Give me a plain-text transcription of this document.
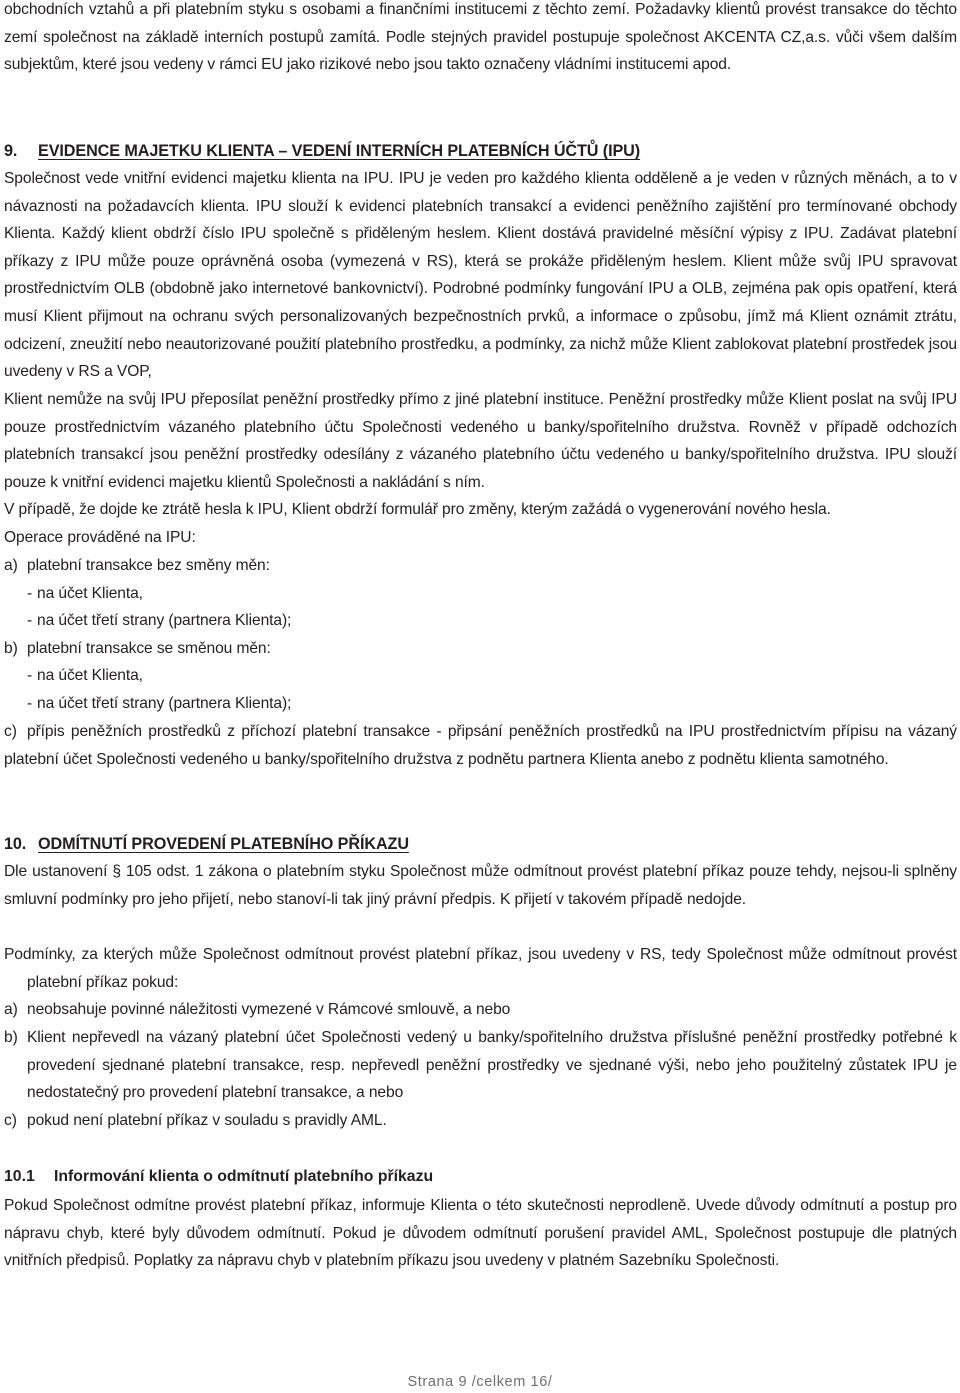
obchodních vztahů a při platebním styku s osobami a finančními institucemi z těchto zemí. Požadavky klientů provést transakce do těchto zemí společnost na základě interních postupů zamítá. Podle stejných pravidel postupuje společnost AKCENTA CZ,a.s. vůči všem dalším subjektům, které jsou vedeny v rámci EU jako rizikové nebo jsou takto označeny vládními institucemi apod.
9. EVIDENCE MAJETKU KLIENTA – VEDENÍ INTERNÍCH PLATEBNÍCH ÚČTŮ (IPU)
Společnost vede vnitřní evidenci majetku klienta na IPU. IPU je veden pro každého klienta odděleně a je veden v různých měnách, a to v návaznosti na požadavcích klienta. IPU slouží k evidenci platebních transakcí a evidenci peněžního zajištění pro termínované obchody Klienta. Každý klient obdrží číslo IPU společně s přiděleným heslem. Klient dostává pravidelné měsíční výpisy z IPU. Zadávat platební příkazy z IPU může pouze oprávněná osoba (vymezená v RS), která se prokáže přiděleným heslem. Klient může svůj IPU spravovat prostřednictvím OLB (obdobně jako internetové bankovnictví). Podrobné podmínky fungování IPU a OLB, zejména pak opis opatření, která musí Klient přijmout na ochranu svých personalizovaných bezpečnostních prvků, a informace o způsobu, jímž má Klient oznámit ztrátu, odcizení, zneužití nebo neautorizované použití platebního prostředku, a podmínky, za nichž může Klient zablokovat platební prostředek jsou uvedeny v RS a VOP,
Klient nemůže na svůj IPU přeposílat peněžní prostředky přímo z jiné platební instituce. Peněžní prostředky může Klient poslat na svůj IPU pouze prostřednictvím vázaného platebního účtu Společnosti vedeného u banky/spořitelního družstva. Rovněž v případě odchozích platebních transakcí jsou peněžní prostředky odesílány z vázaného platebního účtu vedeného u banky/spořitelního družstva. IPU slouží pouze k vnitřní evidenci majetku klientů Společnosti a nakládání s ním.
V případě, že dojde ke ztrátě hesla k IPU, Klient obdrží formulář pro změny, kterým zažádá o vygenerování nového hesla.
Operace prováděné na IPU:
a) platební transakce bez směny měn:
- na účet Klienta,
- na účet třetí strany (partnera Klienta);
b) platební transakce se směnou měn:
- na účet Klienta,
- na účet třetí strany (partnera Klienta);
c) přípis peněžních prostředků z příchozí platební transakce - připsání peněžních prostředků na IPU prostřednictvím přípisu na vázaný platební účet Společnosti vedeného u banky/spořitelního družstva z podnětu partnera Klienta anebo z podnětu klienta samotného.
10. ODMÍTNUTÍ PROVEDENÍ PLATEBNÍHO PŘÍKAZU
Dle ustanovení § 105 odst. 1 zákona o platebním styku Společnost může odmítnout provést platební příkaz pouze tehdy, nejsou-li splněny smluvní podmínky pro jeho přijetí, nebo stanoví-li tak jiný právní předpis. K přijetí v takovém případě nedojde.
Podmínky, za kterých může Společnost odmítnout provést platební příkaz, jsou uvedeny v RS, tedy Společnost může odmítnout provést platební příkaz pokud:
a) neobsahuje povinné náležitosti vymezené v Rámcové smlouvě, a nebo
b) Klient nepřevedl na vázaný platební účet Společnosti vedený u banky/spořitelního družstva příslušné peněžní prostředky potřebné k provedení sjednané platební transakce, resp. nepřevedl peněžní prostředky ve sjednané výši, nebo jeho použitelný zůstatek IPU je nedostatečný pro provedení platební transakce, a nebo
c) pokud není platební příkaz v souladu s pravidly AML.
10.1 Informování klienta o odmítnutí platebního příkazu
Pokud Společnost odmítne provést platební příkaz, informuje Klienta o této skutečnosti neprodleně. Uvede důvody odmítnutí a postup pro nápravu chyb, které byly důvodem odmítnutí. Pokud je důvodem odmítnutí porušení pravidel AML, Společnost postupuje dle platných vnitřních předpisů. Poplatky za nápravu chyb v platebním příkazu jsou uvedeny v platném Sazebníku Společnosti.
Strana 9 /celkem 16/
